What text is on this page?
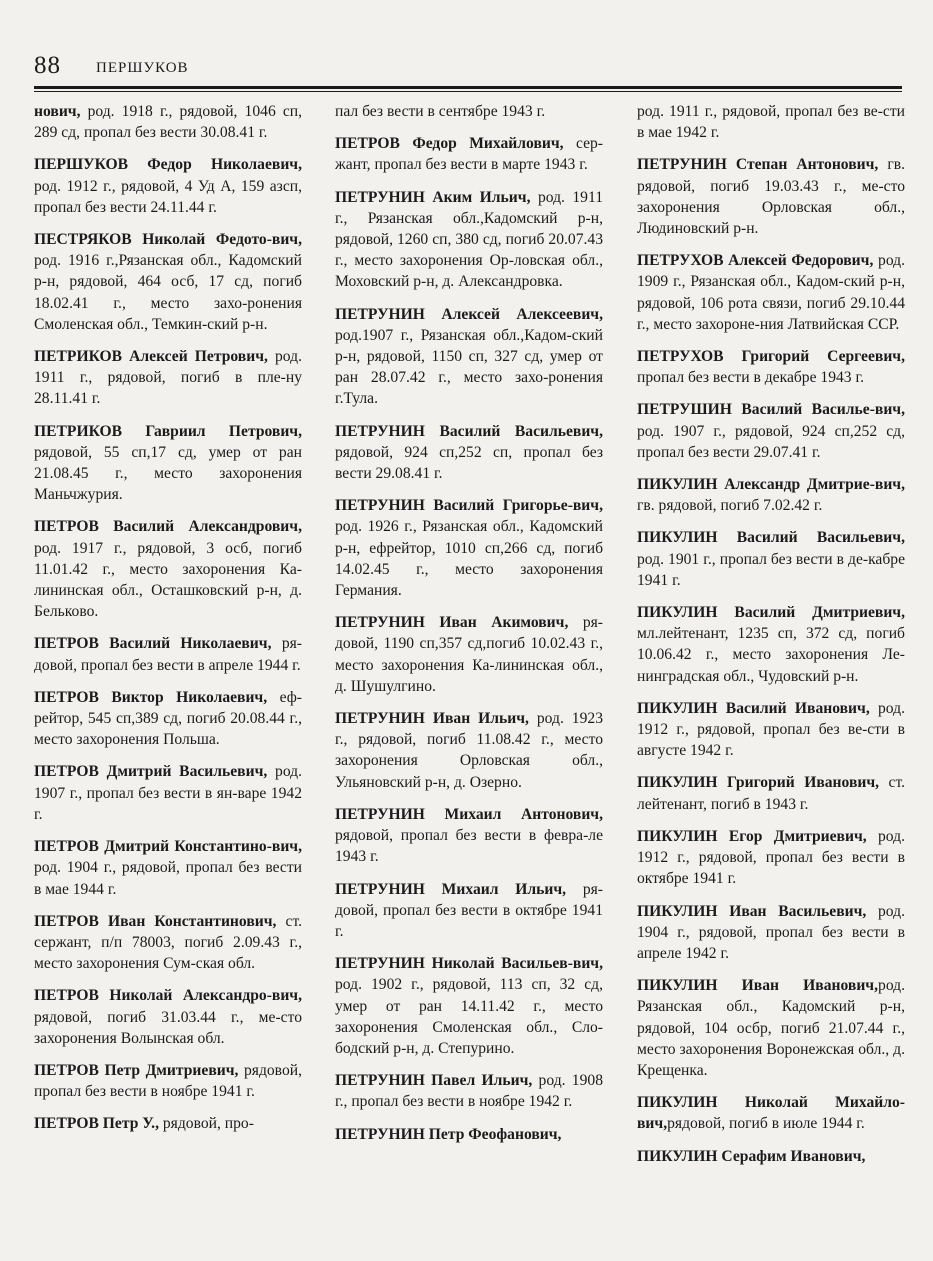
88 ПЕРШУКОВ

нович, род. 1918 г., рядовой, 1046 сп, 289 сд, пропал без вести 30.08.41 г.

ПЕРШУКОВ Федор Николаевич, род. 1912 г., рядовой, 4 Уд А, 159 азсп, пропал без вести 24.11.44 г.

ПЕСТРЯКОВ Николай Федото-вич, род. 1916 г.,Рязанская обл., Кадомский р-н, рядовой, 464 осб, 17 сд, погиб 18.02.41 г., место захо-ронения Смоленская обл., Темкин-ский р-н.

ПЕТРИКОВ Алексей Петрович, род. 1911 г., рядовой, погиб в пле-ну 28.11.41 г.

ПЕТРИКОВ Гавриил Петрович, рядовой, 55 сп,17 сд, умер от ран 21.08.45 г., место захоронения Маньчжурия.

ПЕТРОВ Василий Александрович, род. 1917 г., рядовой, 3 осб, погиб 11.01.42 г., место захоронения Ка-лининская обл., Осташковский р-н, д. Бельково.

ПЕТРОВ Василий Николаевич, ря-довой, пропал без вести в апреле 1944 г.

ПЕТРОВ Виктор Николаевич, еф-рейтор, 545 сп,389 сд, погиб 20.08.44 г., место захоронения Польша.

ПЕТРОВ Дмитрий Васильевич, род. 1907 г., пропал без вести в ян-варе 1942 г.

ПЕТРОВ Дмитрий Константино-вич, род. 1904 г., рядовой, пропал без вести в мае 1944 г.

ПЕТРОВ Иван Константинович, ст. сержант, п/п 78003, погиб 2.09.43 г., место захоронения Сум-ская обл.

ПЕТРОВ Николай Александро-вич, рядовой, погиб 31.03.44 г., ме-сто захоронения Волынская обл.

ПЕТРОВ Петр Дмитриевич, рядовой, пропал без вести в ноябре 1941 г.

ПЕТРОВ Петр У., рядовой, про-

пал без вести в сентябре 1943 г.

ПЕТРОВ Федор Михайлович, сер-жант, пропал без вести в марте 1943 г.

ПЕТРУНИН Аким Ильич, род. 1911 г., Рязанская обл.,Кадомский р-н, рядовой, 1260 сп, 380 сд, погиб 20.07.43 г., место захоронения Ор-ловская обл., Моховский р-н, д. Александровка.

ПЕТРУНИН Алексей Алексеевич, род.1907 г., Рязанская обл.,Кадом-ский р-н, рядовой, 1150 сп, 327 сд, умер от ран 28.07.42 г., место захо-ронения г.Тула.

ПЕТРУНИН Василий Васильевич, рядовой, 924 сп,252 сп, пропал без вести 29.08.41 г.

ПЕТРУНИН Василий Григорье-вич, род. 1926 г., Рязанская обл., Кадомский р-н, ефрейтор, 1010 сп,266 сд, погиб 14.02.45 г., место захоронения Германия.

ПЕТРУНИН Иван Акимович, ря-довой, 1190 сп,357 сд,погиб 10.02.43 г., место захоронения Ка-лининская обл., д. Шушулгино.

ПЕТРУНИН Иван Ильич, род. 1923 г., рядовой, погиб 11.08.42 г., место захоронения Орловская обл., Ульяновский р-н, д. Озерно.

ПЕТРУНИН Михаил Антонович, рядовой, пропал без вести в февра-ле 1943 г.

ПЕТРУНИН Михаил Ильич, ря-довой, пропал без вести в октябре 1941 г.

ПЕТРУНИН Николай Васильев-вич, род. 1902 г., рядовой, 113 сп, 32 сд, умер от ран 14.11.42 г., место захоронения Смоленская обл., Сло-бодский р-н, д. Степурино.

ПЕТРУНИН Павел Ильич, род. 1908 г., пропал без вести в ноябре 1942 г.

ПЕТРУНИН Петр Феофанович,

род. 1911 г., рядовой, пропал без ве-сти в мае 1942 г.

ПЕТРУНИН Степан Антонович, гв. рядовой, погиб 19.03.43 г., ме-сто захоронения Орловская обл., Людиновский р-н.

ПЕТРУХОВ Алексей Федорович, род. 1909 г., Рязанская обл., Кадом-ский р-н, рядовой, 106 рота связи, погиб 29.10.44 г., место захороне-ния Латвийская ССР.

ПЕТРУХОВ Григорий Сергеевич, пропал без вести в декабре 1943 г.

ПЕТРУШИН Василий Василье-вич, род. 1907 г., рядовой, 924 сп,252 сд, пропал без вести 29.07.41 г.

ПИКУЛИН Александр Дмитрие-вич, гв. рядовой, погиб 7.02.42 г.

ПИКУЛИН Василий Васильевич, род. 1901 г., пропал без вести в де-кабре 1941 г.

ПИКУЛИН Василий Дмитриевич, мл.лейтенант, 1235 сп, 372 сд, погиб 10.06.42 г., место захоронения Ле-нинградская обл., Чудовский р-н.

ПИКУЛИН Василий Иванович, род. 1912 г., рядовой, пропал без ве-сти в августе 1942 г.

ПИКУЛИН Григорий Иванович, ст. лейтенант, погиб в 1943 г.

ПИКУЛИН Егор Дмитриевич, род. 1912 г., рядовой, пропал без вести в октябре 1941 г.

ПИКУЛИН Иван Васильевич, род. 1904 г., рядовой, пропал без вести в апреле 1942 г.

ПИКУЛИН Иван Иванович,род. Рязанская обл., Кадомский р-н, рядовой, 104 осбр, погиб 21.07.44 г., место захоронения Воронежская обл., д. Крещенка.

ПИКУЛИН Николай Михайло-вич,рядовой, погиб в июле 1944 г.

ПИКУЛИН Серафим Иванович,
